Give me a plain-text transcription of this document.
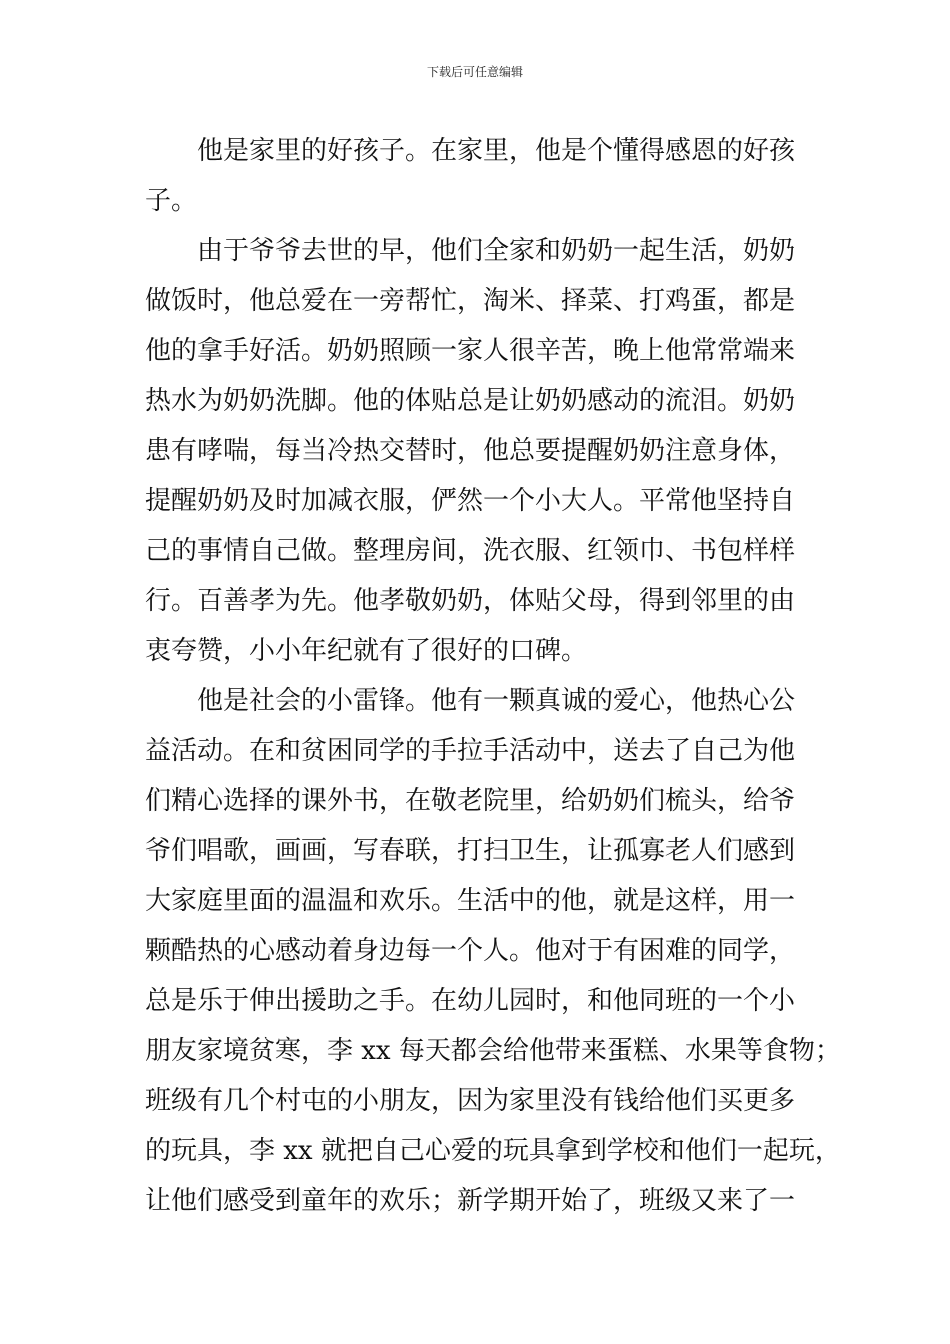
下载后可任意编辑
他是家里的好孩子。在家里，他是个懂得感恩的好孩
子。
由于爷爷去世的早，他们全家和奶奶一起生活，奶奶
做饭时，他总爱在一旁帮忙，淘米、择菜、打鸡蛋，都是
他的拿手好活。奶奶照顾一家人很辛苦，晚上他常常端来
热水为奶奶洗脚。他的体贴总是让奶奶感动的流泪。奶奶
患有哮喘，每当冷热交替时，他总要提醒奶奶注意身体，
提醒奶奶及时加减衣服，俨然一个小大人。平常他坚持自
己的事情自己做。整理房间，洗衣服、红领巾、书包样样
行。百善孝为先。他孝敬奶奶，体贴父母，得到邻里的由
衷夸赞，小小年纪就有了很好的口碑。
他是社会的小雷锋。他有一颗真诚的爱心，他热心公
益活动。在和贫困同学的手拉手活动中，送去了自己为他
们精心选择的课外书，在敬老院里，给奶奶们梳头，给爷
爷们唱歌，画画，写春联，打扫卫生，让孤寡老人们感到
大家庭里面的温温和欢乐。生活中的他，就是这样，用一
颗酷热的心感动着身边每一个人。他对于有困难的同学，
总是乐于伸出援助之手。在幼儿园时，和他同班的一个小
朋友家境贫寒，李 xx 每天都会给他带来蛋糕、水果等食物；
班级有几个村屯的小朋友，因为家里没有钱给他们买更多
的玩具，李 xx 就把自己心爱的玩具拿到学校和他们一起玩，
让他们感受到童年的欢乐；新学期开始了，班级又来了一
